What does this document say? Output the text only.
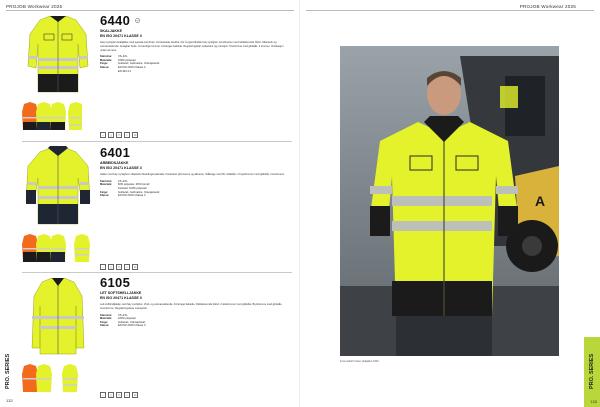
PROJOB Workwear 2025
6440
SKALJAKKE
EN ISO 20471 KLASSE 3
Høyt synlighet skalljakke med spesial-membran. Forsterkede skuldre. For å opprettholde høy synlighet, kombineres med reflekterende bånd. Slitesterk og vannavstøtende. Avtagbar hette. Innvendige lommer. Forlenget bakside. Reguleringsbar nederkant og mansjett. Ytterlomme med glidelås. 2 lommer. Ventilasjon under armene.
Størrelse:	XS–4XL
Materiale:	100% polyester
Farge:	Gul/svart, Gul/marine, Oransje/svart
Klasse:	EN ISO 20471 Klasse 3
EN 343 3:1
~	△	▭	○	⊡
6401
ARBEIDSJAKKE
EN ISO 20471 KLASSE 3
Jakke med høy synlighet i slitesterkt blandingsmateriale. Forsterket på knærne og albuene. Ståkrage med fôr. Glidelås. 2 brystlommer med glidelås. Innerlomme.
Størrelse:	XS–4XL
Materiale:	60% polyester, 40% bomull
Kontrast: 100% polyester
Farge:	Gul/svart, Gul/marine, Oransje/svart
Klasse:	EN ISO 20471 Klasse 3
~	△	▭	○	⊡
6105
LET SOFTSHELLJAKKE
EN ISO 20471 KLASSE 3
Lett softshelljakke med høy synlighet. Vind- og vannavstøtende. Forlenget bakside. Reflekterende bånd. 2 sidelommer med glidelås. Brystlomme med glidelås. Innerlomme. Reguleringsbare mansjetter.
Størrelse:	XS–4XL
Materiale:	100% polyester
Farge:	Gul/svart, Oransje/svart
Klasse:	EN ISO 20471 Klasse 3
~	△	▭	○	⊡
PRO. SERIES
132
PROJOB Workwear 2025
A
Fotomodell bruker skaljakke 6440	PRO. SERIES
133
